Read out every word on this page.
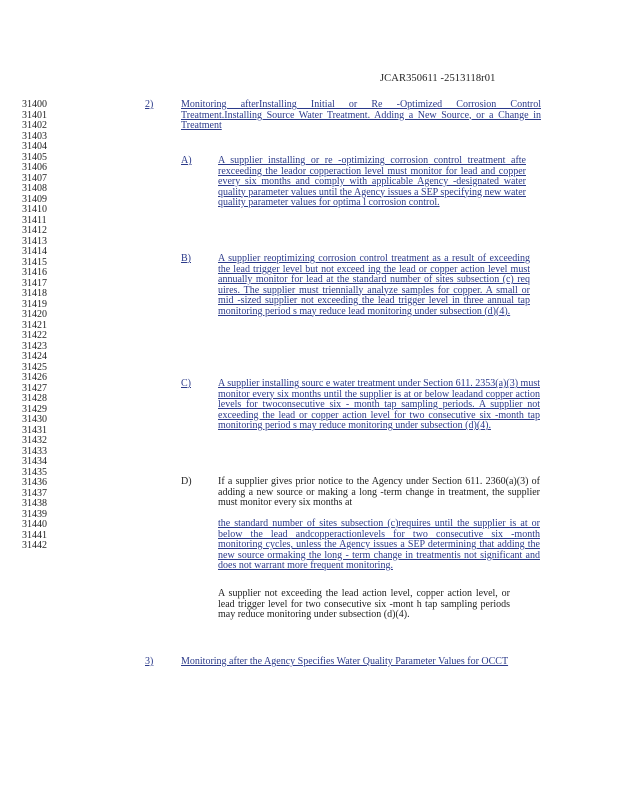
JCAR350611 -2513118r01
31400
31401
31402
31403
31404
31405
31406
31407
31408
31409
31410
31411
31412
31413
31414
31415
31416
31417
31418
31419
31420
31421
31422
31423
31424
31425
31426
31427
31428
31429
31430
31431
31432
31433
31434
31435
31436
31437
31438
31439
31440
31441
31442
2)	Monitoring afterInstalling Initial or Re -Optimized Corrosion Control Treatment.Installing Source Water Treatment. Adding a New Source, or a Change in Treatment
A)	A supplier installing or re -optimizing corrosion control treatment afte rexceeding the leador copperaction level must monitor for lead and copper every six months and comply with applicable Agency -designated water quality parameter values until the Agency issues a SEP specifying new water quality parameter values for optima l corrosion control.
B)	A supplier reoptimizing corrosion control treatment as a result of exceeding the lead trigger level but not exceed ing the lead or copper action level must annually monitor for lead at the standard number of sites subsection (c) req uires. The supplier must triennially analyze samples for copper. A small or mid -sized supplier not exceeding the lead trigger level in three annual tap monitoring period s may reduce lead monitoring under subsection (d)(4).
C)	A supplier installing sourc e water treatment under Section 611. 2353(a)(3) must monitor every six months until the supplier is at or below leadand copper action levels for twoconsecutive six - month tap sampling periods. A supplier not exceeding the lead or copper action level for two consecutive six -month tap monitoring period s may reduce monitoring under subsection (d)(4).
D)	If a supplier gives prior notice to the Agency under Section 611. 2360(a)(3) of adding a new source or making a long -term change in treatment, the supplier must monitor every six months at
the standard number of sites subsection (c)requires until the supplier is at or below the lead andcopperactionlevels for two consecutive six -month monitoring cycles, unless the Agency issues a SEP determining that adding the new source ormaking the long - term change in treatmentis not significant and does not warrant more frequent monitoring.
A supplier not exceeding the lead action level, copper action level, or lead trigger level for two consecutive six -mont h tap sampling periods may reduce monitoring under subsection (d)(4).
3)	Monitoring after the Agency Specifies Water Quality Parameter Values for OCCT
